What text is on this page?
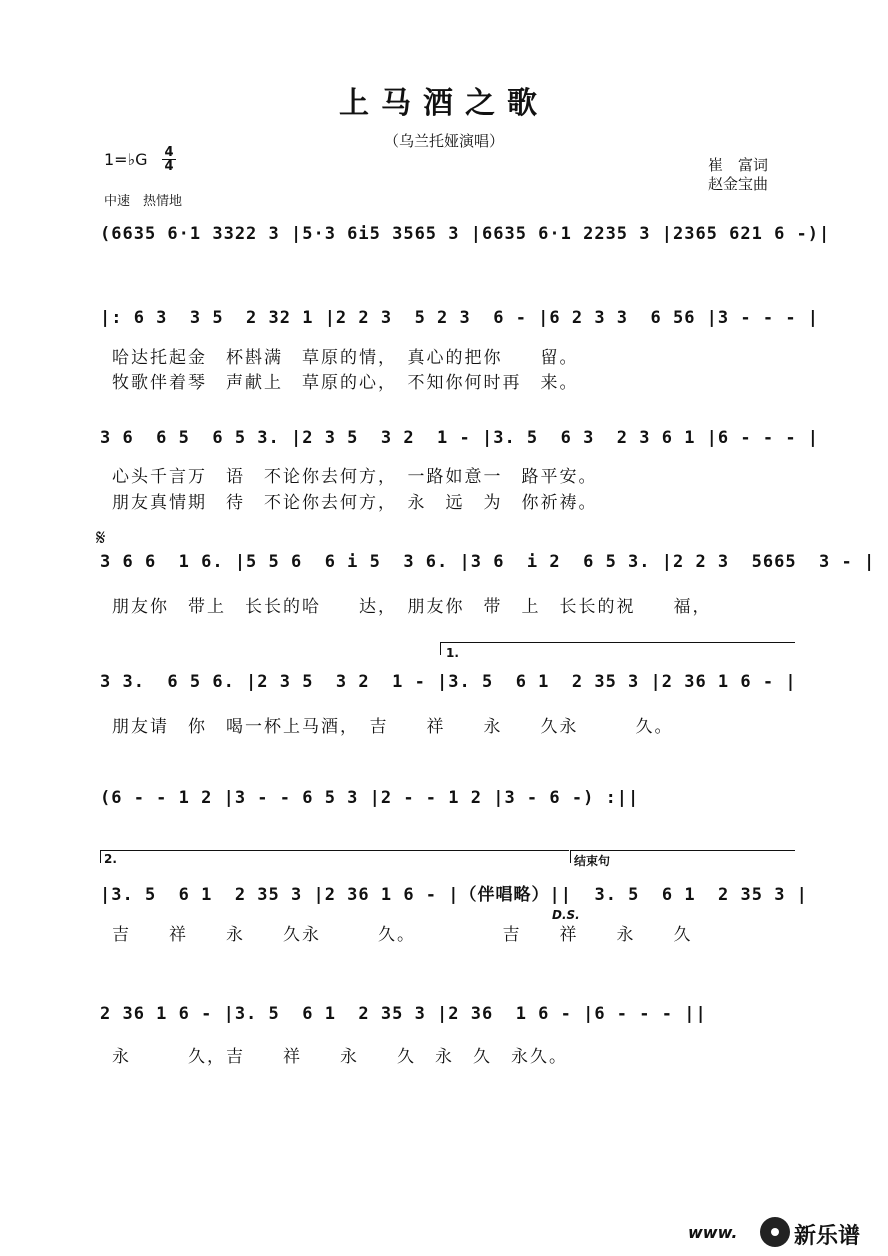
上马酒之歌
（乌兰托娅演唱）
1=♭G 4
4
中速　热情地
崔　富词
赵金宝曲
(6635 6·1 3322 3 |5·3 6i5 3565 3 |6635 6·1 2235 3 |2365 621 6 -)|
|: 6 3  3 5  2 32 1 |2 2 3  5 2 3  6 - |6 2 3 3  6 56 |3 - - - |
哈达托起金　杯斟满　草原的情，　真心的把你　　留。
牧歌伴着琴　声献上　草原的心，　不知你何时再　来。
3 6  6 5  6 5 3. |2 3 5  3 2  1 - |3. 5  6 3  2 3 6 1 |6 - - - |
心头千言万　语　不论你去何方，　一路如意一　路平安。
朋友真情期　待　不论你去何方，　永　远　为　你祈祷。
𝄋
3 6 6  1 6. |5 5 6  6 i 5  3 6. |3 6  i 2  6 5 3. |2 2 3  5665  3 - |
朋友你　带上　长长的哈　　达，　朋友你　带　上　长长的祝　　福，
1.
3 3.  6 5 6. |2 3 5  3 2  1 - |3. 5  6 1  2 35 3 |2 36 1 6 - |
朋友请　你　喝一杯上马酒，　吉　　祥　　永　　久永　　　久。
(6 - - 1 2 |3 - - 6 5 3 |2 - - 1 2 |3 - 6 -) :||
2.	结束句
|3. 5  6 1  2 35 3 |2 36 1 6 - |（伴唱略）||  3. 5  6 1  2 35 3 |
D.S.
吉　　祥　　永　　久永　　　久。　　　　　吉　　祥　　永　　久
2 36 1 6 - |3. 5  6 1  2 35 3 |2 36  1 6 - |6 - - - ||
永　　　久，吉　　祥　　永　　久　永　久　永久。
www.	新乐谱
